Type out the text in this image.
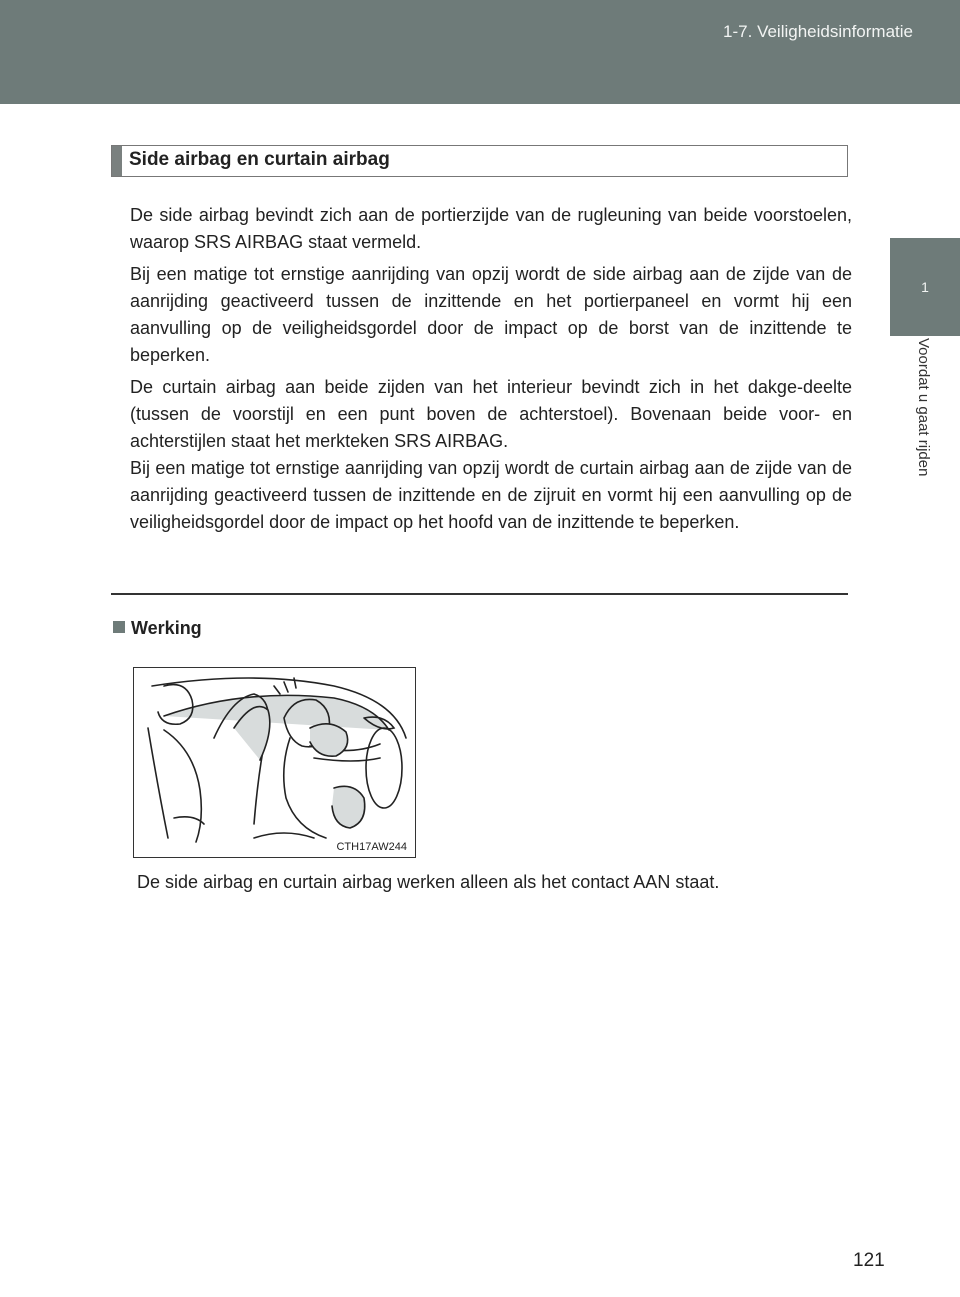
1-7. Veiligheidsinformatie
1
Voordat u gaat rijden
Side airbag en curtain airbag

De side airbag bevindt zich aan de portierzijde van de rugleuning van beide voorstoelen, waarop SRS AIRBAG staat vermeld.

Bij een matige tot ernstige aanrijding van opzij wordt de side airbag aan de zijde van de aanrijding geactiveerd tussen de inzittende en het portierpaneel en vormt hij een aanvulling op de veiligheidsgordel door de impact op de borst van de inzittende te beperken.

De curtain airbag aan beide zijden van het interieur bevindt zich in het dakge-deelte (tussen de voorstijl en een punt boven de achterstoel). Bovenaan beide voor- en achterstijlen staat het merkteken SRS AIRBAG.

Bij een matige tot ernstige aanrijding van opzij wordt de curtain airbag aan de zijde van de aanrijding geactiveerd tussen de inzittende en de zijruit en vormt hij een aanvulling op de veiligheidsgordel door de impact op het hoofd van de inzittende te beperken.

Werking
CTH17AW244
De side airbag en curtain airbag werken alleen als het contact AAN staat.
121
